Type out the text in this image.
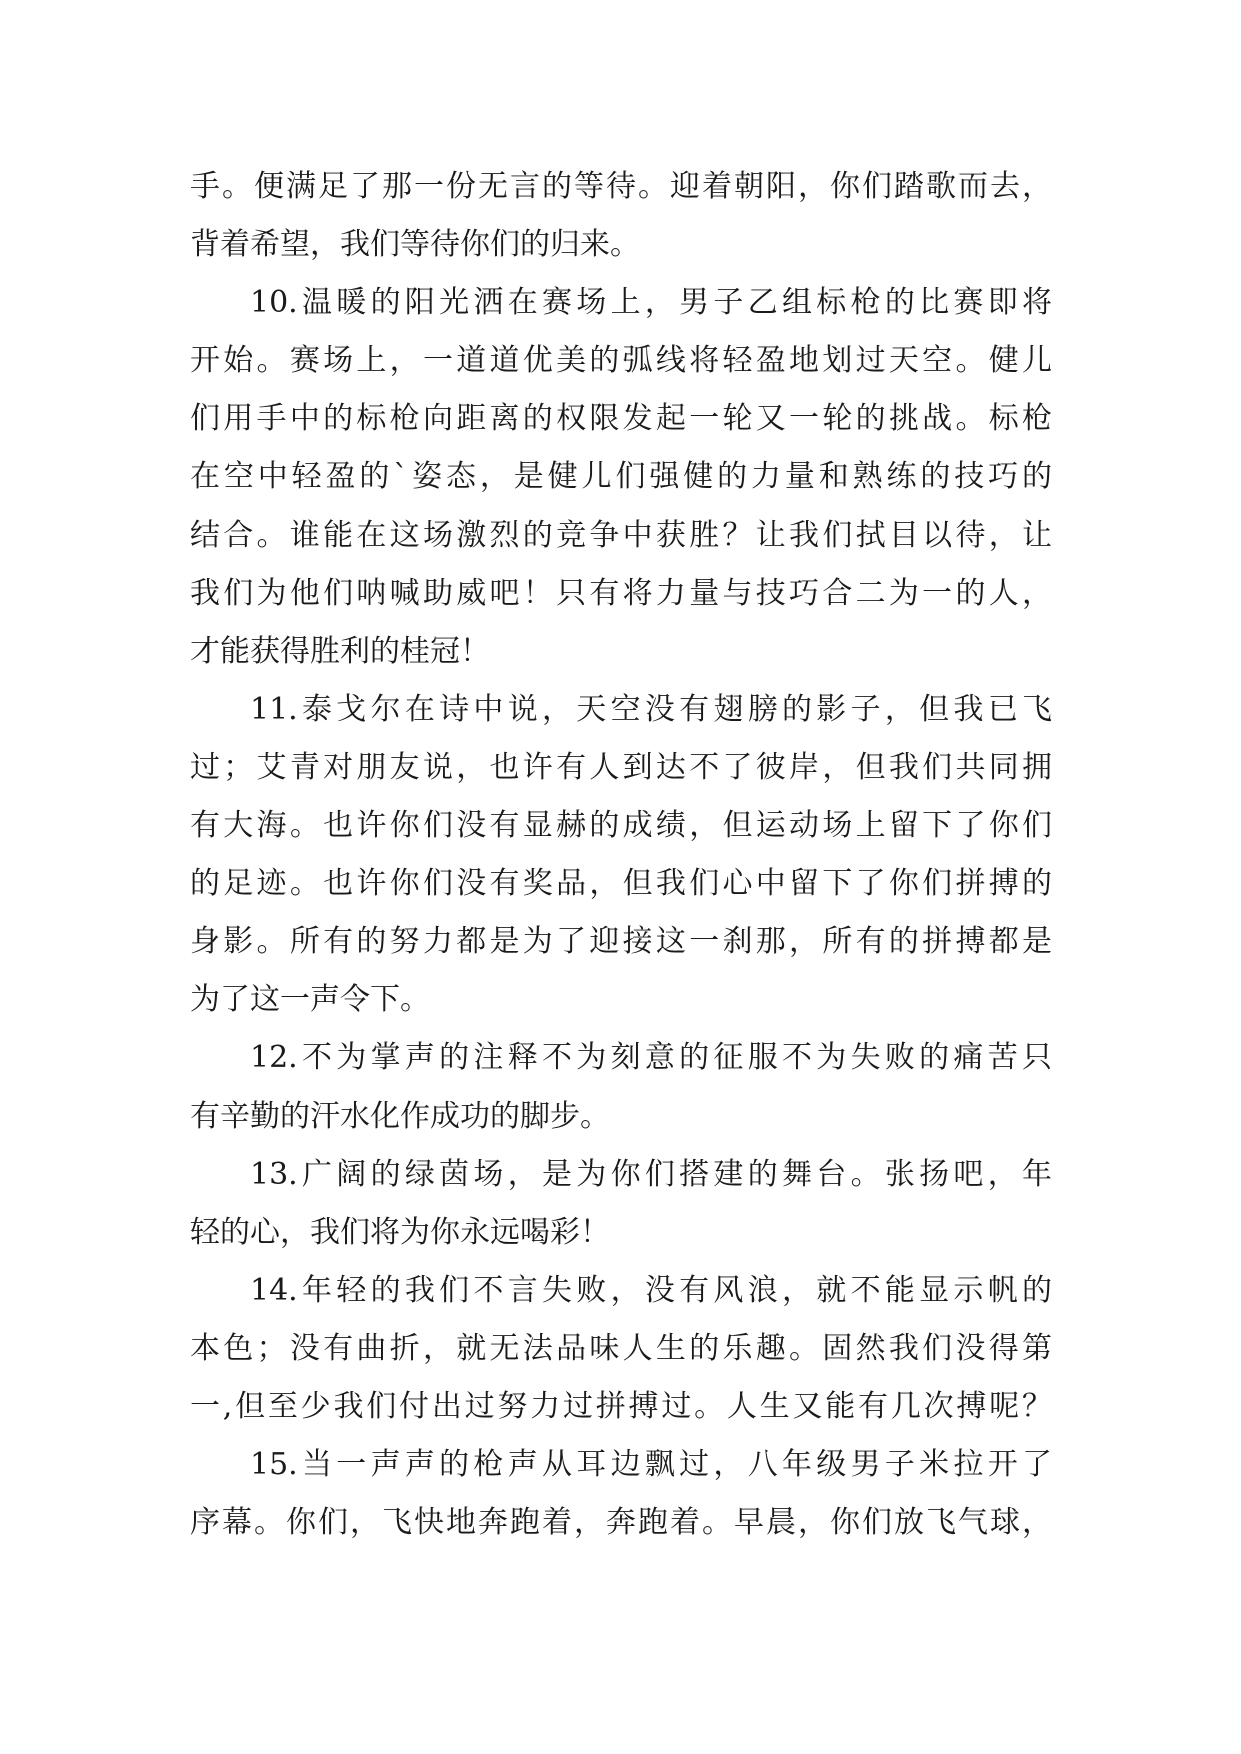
手。便满足了那一份无言的等待。迎着朝阳，你们踏歌而去，
背着希望，我们等待你们的归来。
10.温暖的阳光洒在赛场上，男子乙组标枪的比赛即将
开始。赛场上，一道道优美的弧线将轻盈地划过天空。健儿
们用手中的标枪向距离的权限发起一轮又一轮的挑战。标枪
在空中轻盈的`姿态，是健儿们强健的力量和熟练的技巧的
结合。谁能在这场激烈的竞争中获胜？让我们拭目以待，让
我们为他们呐喊助威吧！只有将力量与技巧合二为一的人，
才能获得胜利的桂冠！
11.泰戈尔在诗中说，天空没有翅膀的影子，但我已飞
过；艾青对朋友说，也许有人到达不了彼岸，但我们共同拥
有大海。也许你们没有显赫的成绩，但运动场上留下了你们
的足迹。也许你们没有奖品，但我们心中留下了你们拼搏的
身影。所有的努力都是为了迎接这一刹那，所有的拼搏都是
为了这一声令下。
12.不为掌声的注释不为刻意的征服不为失败的痛苦只
有辛勤的汗水化作成功的脚步。
13.广阔的绿茵场，是为你们搭建的舞台。张扬吧，年
轻的心，我们将为你永远喝彩！
14.年轻的我们不言失败，没有风浪，就不能显示帆的
本色；没有曲折，就无法品味人生的乐趣。固然我们没得第
一,但至少我们付出过努力过拼搏过。人生又能有几次搏呢？
15.当一声声的枪声从耳边飘过，八年级男子米拉开了
序幕。你们，飞快地奔跑着，奔跑着。早晨，你们放飞气球，
